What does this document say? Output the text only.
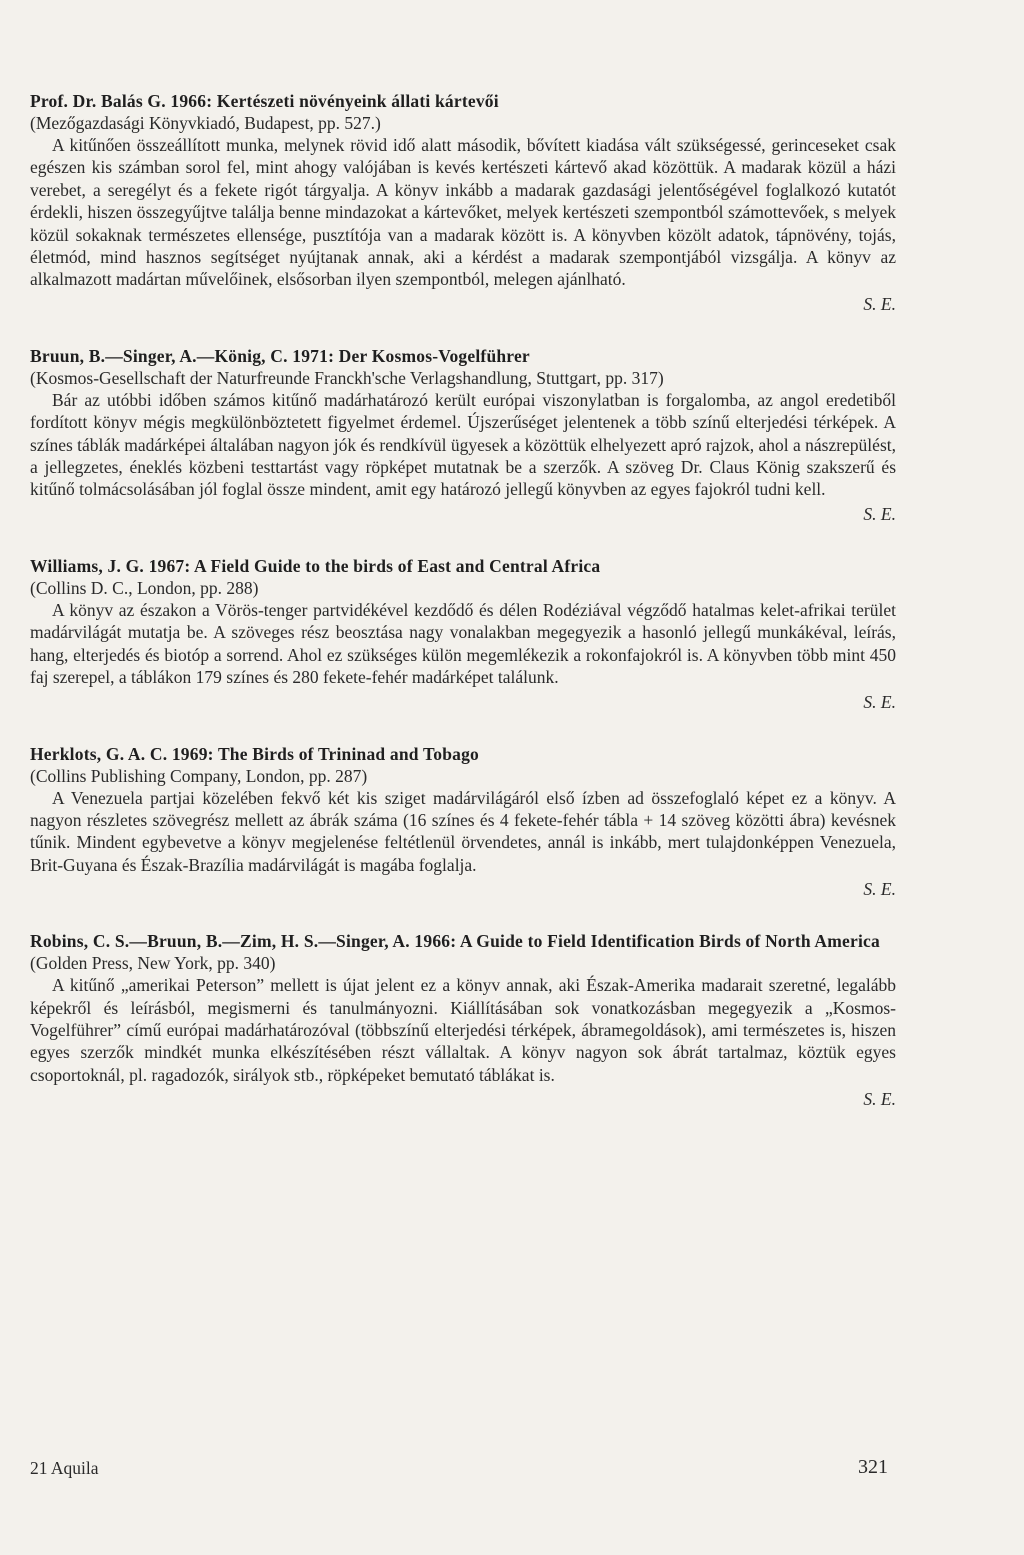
Prof. Dr. Balás G. 1966: Kertészeti növényeink állati kártevői

(Mezőgazdasági Könyvkiadó, Budapest, pp. 527.)

A kitűnően összeállított munka, melynek rövid idő alatt második, bővített kiadása vált szükségessé, gerinceseket csak egészen kis számban sorol fel, mint ahogy valójában is kevés kertészeti kártevő akad közöttük. A madarak közül a házi verebet, a seregélyt és a fekete rigót tárgyalja. A könyv inkább a madarak gazdasági jelentőségével foglalkozó kutatót érdekli, hiszen összegyűjtve találja benne mindazokat a kártevőket, melyek kertészeti szempontból számottevőek, s melyek közül sokaknak természetes ellensége, pusztítója van a madarak között is. A könyvben közölt adatok, tápnövény, tojás, életmód, mind hasznos segítséget nyújtanak annak, aki a kérdést a madarak szempontjából vizsgálja. A könyv az alkalmazott madártan művelőinek, elsősorban ilyen szempontból, melegen ajánlható.

S. E.

Bruun, B.—Singer, A.—König, C. 1971: Der Kosmos-Vogelführer

(Kosmos-Gesellschaft der Naturfreunde Franckh'sche Verlagshandlung, Stuttgart, pp. 317)

Bár az utóbbi időben számos kitűnő madárhatározó került európai viszonylatban is forgalomba, az angol eredetiből fordított könyv mégis megkülönböztetett figyelmet érdemel. Újszerűséget jelentenek a több színű elterjedési térképek. A színes táblák madárképei általában nagyon jók és rendkívül ügyesek a közöttük elhelyezett apró rajzok, ahol a nászrepülést, a jellegzetes, éneklés közbeni testtartást vagy röpképet mutatnak be a szerzők. A szöveg Dr. Claus König szakszerű és kitűnő tolmácsolásában jól foglal össze mindent, amit egy határozó jellegű könyvben az egyes fajokról tudni kell.

S. E.

Williams, J. G. 1967: A Field Guide to the birds of East and Central Africa

(Collins D. C., London, pp. 288)

A könyv az északon a Vörös-tenger partvidékével kezdődő és délen Rodéziával végződő hatalmas kelet-afrikai terület madárvilágát mutatja be. A szöveges rész beosztása nagy vonalakban megegyezik a hasonló jellegű munkákéval, leírás, hang, elterjedés és biotóp a sorrend. Ahol ez szükséges külön megemlékezik a rokonfajokról is. A könyvben több mint 450 faj szerepel, a táblákon 179 színes és 280 fekete-fehér madárképet találunk.

S. E.

Herklots, G. A. C. 1969: The Birds of Trininad and Tobago

(Collins Publishing Company, London, pp. 287)

A Venezuela partjai közelében fekvő két kis sziget madárvilágáról első ízben ad összefoglaló képet ez a könyv. A nagyon részletes szövegrész mellett az ábrák száma (16 színes és 4 fekete-fehér tábla + 14 szöveg közötti ábra) kevésnek tűnik. Mindent egybevetve a könyv megjelenése feltétlenül örvendetes, annál is inkább, mert tulajdonképpen Venezuela, Brit-Guyana és Észak-Brazília madárvilágát is magába foglalja.

S. E.

Robins, C. S.—Bruun, B.—Zim, H. S.—Singer, A. 1966: A Guide to Field Identification Birds of North America

(Golden Press, New York, pp. 340)

A kitűnő „amerikai Peterson” mellett is újat jelent ez a könyv annak, aki Észak-Amerika madarait szeretné, legalább képekről és leírásból, megismerni és tanulmányozni. Kiállításában sok vonatkozásban megegyezik a „Kosmos-Vogelführer” című európai madárhatározóval (többszínű elterjedési térképek, ábramegoldások), ami természetes is, hiszen egyes szerzők mindkét munka elkészítésében részt vállaltak. A könyv nagyon sok ábrát tartalmaz, köztük egyes csoportoknál, pl. ragadozók, sirályok stb., röpképeket bemutató táblákat is.

S. E.

21 Aquila	321
